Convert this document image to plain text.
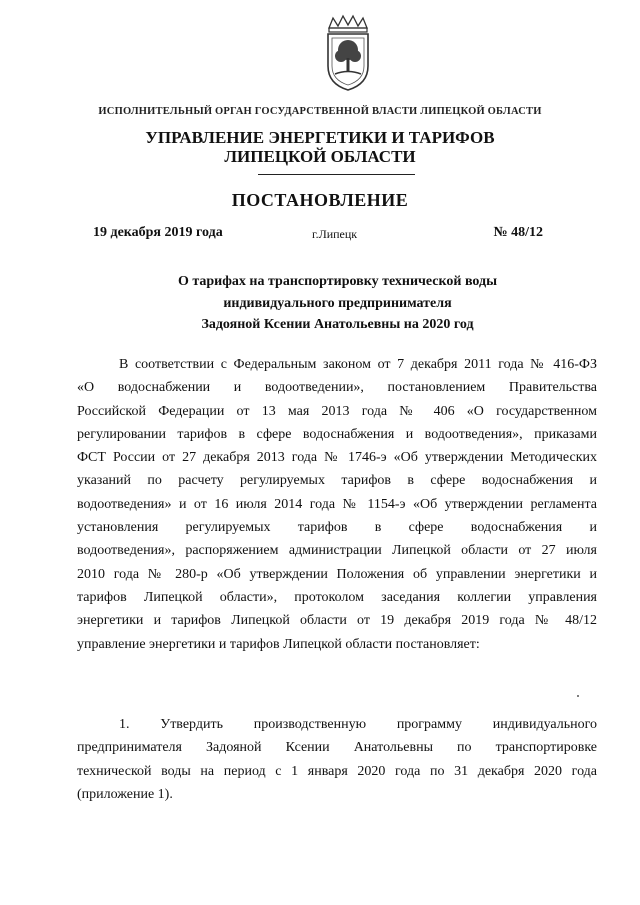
ИСПОЛНИТЕЛЬНЫЙ ОРГАН ГОСУДАРСТВЕННОЙ ВЛАСТИ ЛИПЕЦКОЙ ОБЛАСТИ
УПРАВЛЕНИЕ ЭНЕРГЕТИКИ И ТАРИФОВ
ЛИПЕЦКОЙ ОБЛАСТИ
ПОСТАНОВЛЕНИЕ
19 декабря 2019 года	г.Липецк	№ 48/12
О тарифах на транспортировку технической воды
индивидуального предпринимателя
Задояной Ксении Анатольевны на 2020 год
В соответствии с Федеральным законом от 7 декабря 2011 года № 416-ФЗ
«О водоснабжении и водоотведении», постановлением Правительства
Российской Федерации от 13 мая 2013 года № 406 «О государственном
регулировании тарифов в сфере водоснабжения и водоотведения», приказами
ФСТ России от 27 декабря 2013 года № 1746-э «Об утверждении Методических
указаний по расчету регулируемых тарифов в сфере водоснабжения и
водоотведения» и от 16 июля 2014 года № 1154-э «Об утверждении регламента
установления регулируемых тарифов в сфере водоснабжения и
водоотведения», распоряжением администрации Липецкой области от 27 июля
2010 года № 280-р «Об утверждении Положения об управлении энергетики и
тарифов Липецкой области», протоколом заседания коллегии управления
энергетики и тарифов Липецкой области от 19 декабря 2019 года № 48/12
управление энергетики и тарифов Липецкой области постановляет:
1. Утвердить производственную программу индивидуального
предпринимателя Задояной Ксении Анатольевны по транспортировке
технической воды на период с 1 января 2020 года по 31 декабря 2020 года
(приложение 1).
